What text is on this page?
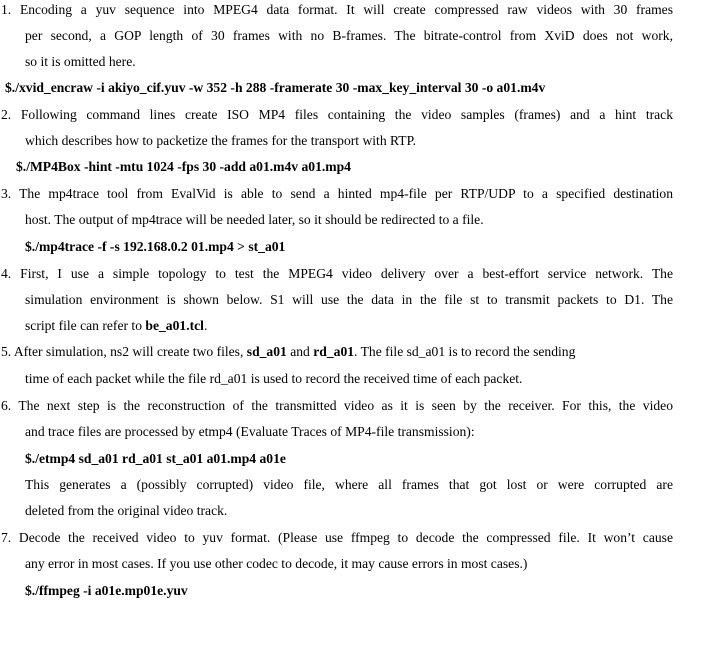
1. Encoding a yuv sequence into MPEG4 data format. It will create compressed raw videos with 30 frames
per second, a GOP length of 30 frames with no B-frames. The bitrate-control from XviD does not work,
so it is omitted here.
$./xvid_encraw -i akiyo_cif.yuv -w 352 -h 288 -framerate 30 -max_key_interval 30 -o a01.m4v
2. Following command lines create ISO MP4 files containing the video samples (frames) and a hint track
which describes how to packetize the frames for the transport with RTP.
$./MP4Box -hint -mtu 1024 -fps 30 -add a01.m4v a01.mp4
3. The mp4trace tool from EvalVid is able to send a hinted mp4-file per RTP/UDP to a specified destination
host. The output of mp4trace will be needed later, so it should be redirected to a file.
$./mp4trace -f -s 192.168.0.2 01.mp4 > st_a01
4. First, I use a simple topology to test the MPEG4 video delivery over a best-effort service network. The
simulation environment is shown below. S1 will use the data in the file st to transmit packets to D1. The
script file can refer to be_a01.tcl.
5. After simulation, ns2 will create two files, sd_a01 and rd_a01. The file sd_a01 is to record the sending
time of each packet while the file rd_a01 is used to record the received time of each packet.
6. The next step is the reconstruction of the transmitted video as it is seen by the receiver. For this, the video
and trace files are processed by etmp4 (Evaluate Traces of MP4-file transmission):
$./etmp4 sd_a01 rd_a01 st_a01 a01.mp4 a01e
This generates a (possibly corrupted) video file, where all frames that got lost or were corrupted are
deleted from the original video track.
7. Decode the received video to yuv format. (Please use ffmpeg to decode the compressed file. It won’t cause
any error in most cases. If you use other codec to decode, it may cause errors in most cases.)
$./ffmpeg -i a01e.mp01e.yuv
